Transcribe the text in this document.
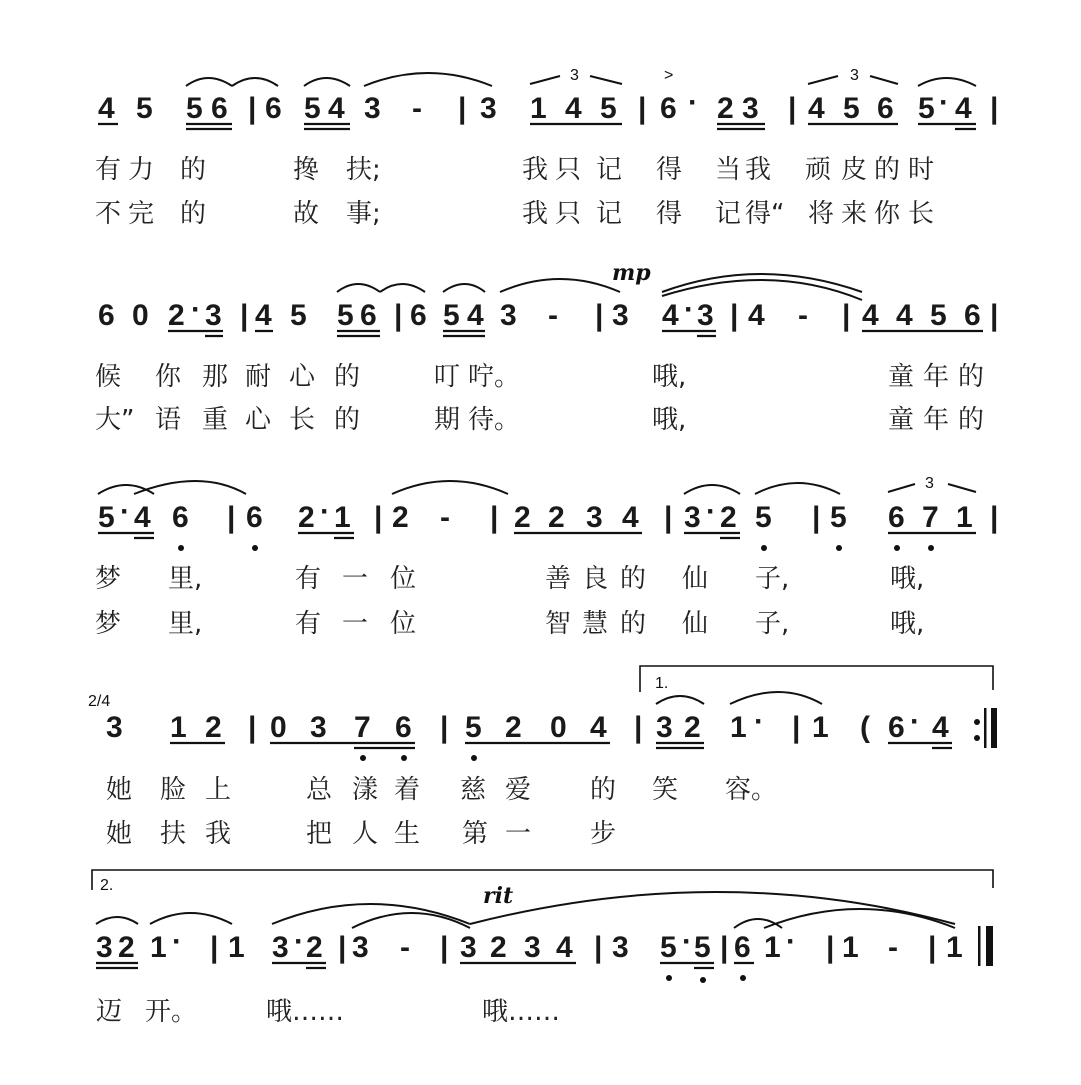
4 5 5 6 | 6 5 4 3 - | 3 1 4 5 | 6 · 2 3 | 4 5 6 5 · 4 |
3	3
>
有 力 的	搀 扶;	我 只 记 得 当 我 顽 皮 的 时
不 完 的	故 事;	我 只 记 得 记 得“ 将 来 你 长
6 0 2 · 3 | 4 5 5 6 | 6 5 4 3 - | 3 4 · 3 | 4 - | 4 4 5 6 |
mp
候 你 那 耐 心 的	叮 咛。	哦,	童 年 的
大” 语 重 心 长 的	期 待。	哦,	童 年 的
5 · 4 6 | 6 2 · 1 | 2 - | 2 2 3 4 | 3 · 2 5 | 5 6 7 1 |
3
梦 里,	有 一 位	善 良 的 仙 子,	哦,
梦 里,	有 一 位	智 慧 的 仙 子,	哦,
2/4
3 1 2 | 0 3 7 6 | 5 2 0 4 | 3 2 1 · | 1 ( 6 · 4
1.
她 脸 上	总 漾 着 慈 爱 的 笑 容。
她 扶 我	把 人 生 第 一 步
2.	rit
3 2 1 · | 1 3 · 2 | 3 - | 3 2 3 4 | 3 5 · 5 | 6 1 · | 1 - | 1
迈 开。	哦……	哦……
